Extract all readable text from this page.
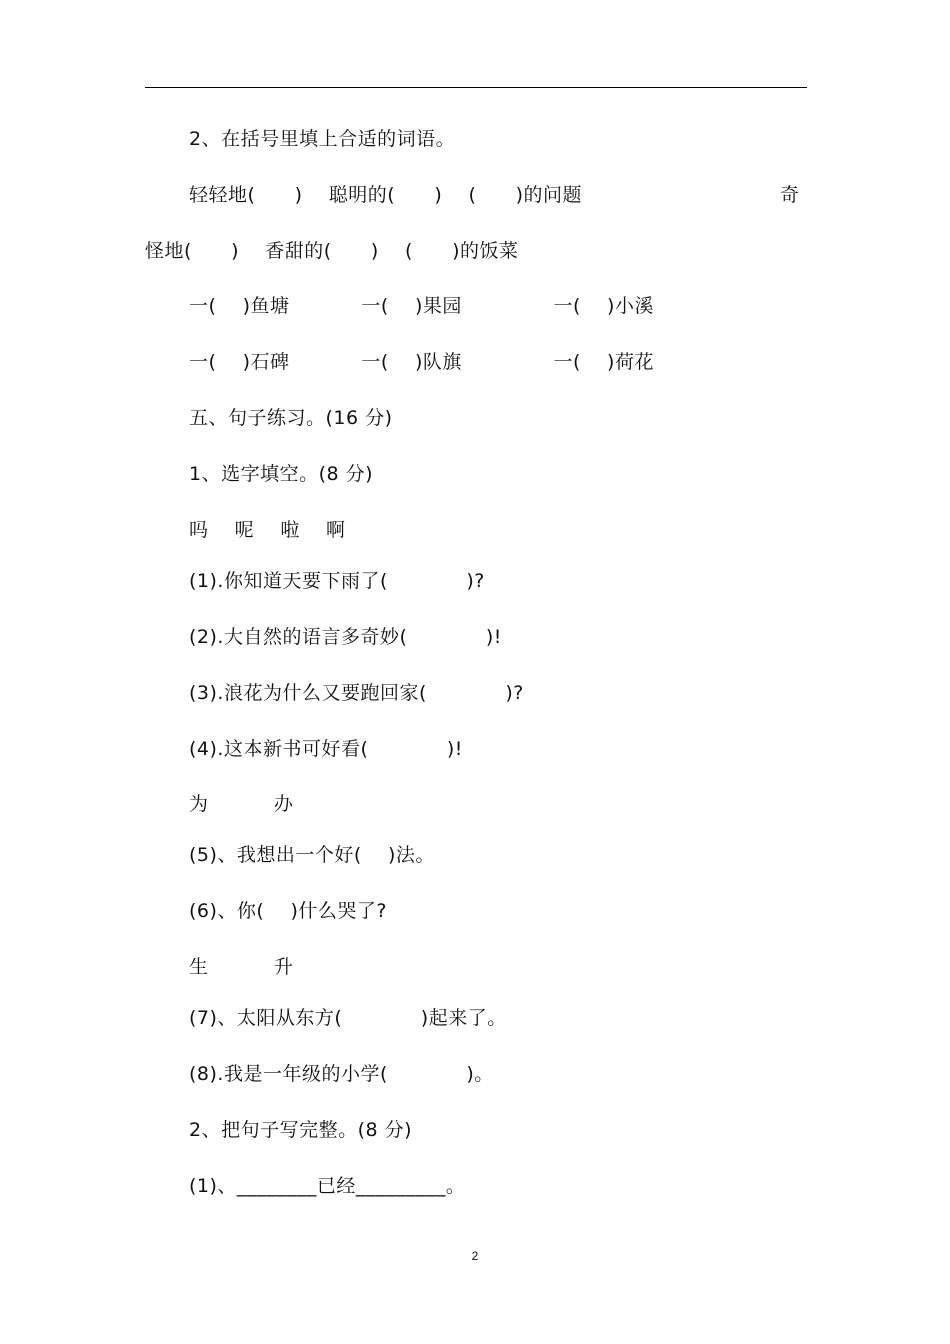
2、在括号里填上合适的词语。
轻轻地(      )    聪明的(      )    (      )的问题	奇
怪地(      )    香甜的(      )    (      )的饭菜
一(    )鱼塘           一(    )果园              一(    )小溪
一(    )石碑           一(    )队旗              一(    )荷花
五、句子练习。(16 分)
1、选字填空。(8 分)
吗    呢    啦    啊
(1).你知道天要下雨了(            )?
(2).大自然的语言多奇妙(            )!
(3).浪花为什么又要跑回家(            )?
(4).这本新书可好看(            )!
为          办
(5)、我想出一个好(    )法。
(6)、你(    )什么哭了?
生          升
(7)、太阳从东方(            )起来了。
(8).我是一年级的小学(            )。
2、把句子写完整。(8 分)
(1)、________已经_________。
2
